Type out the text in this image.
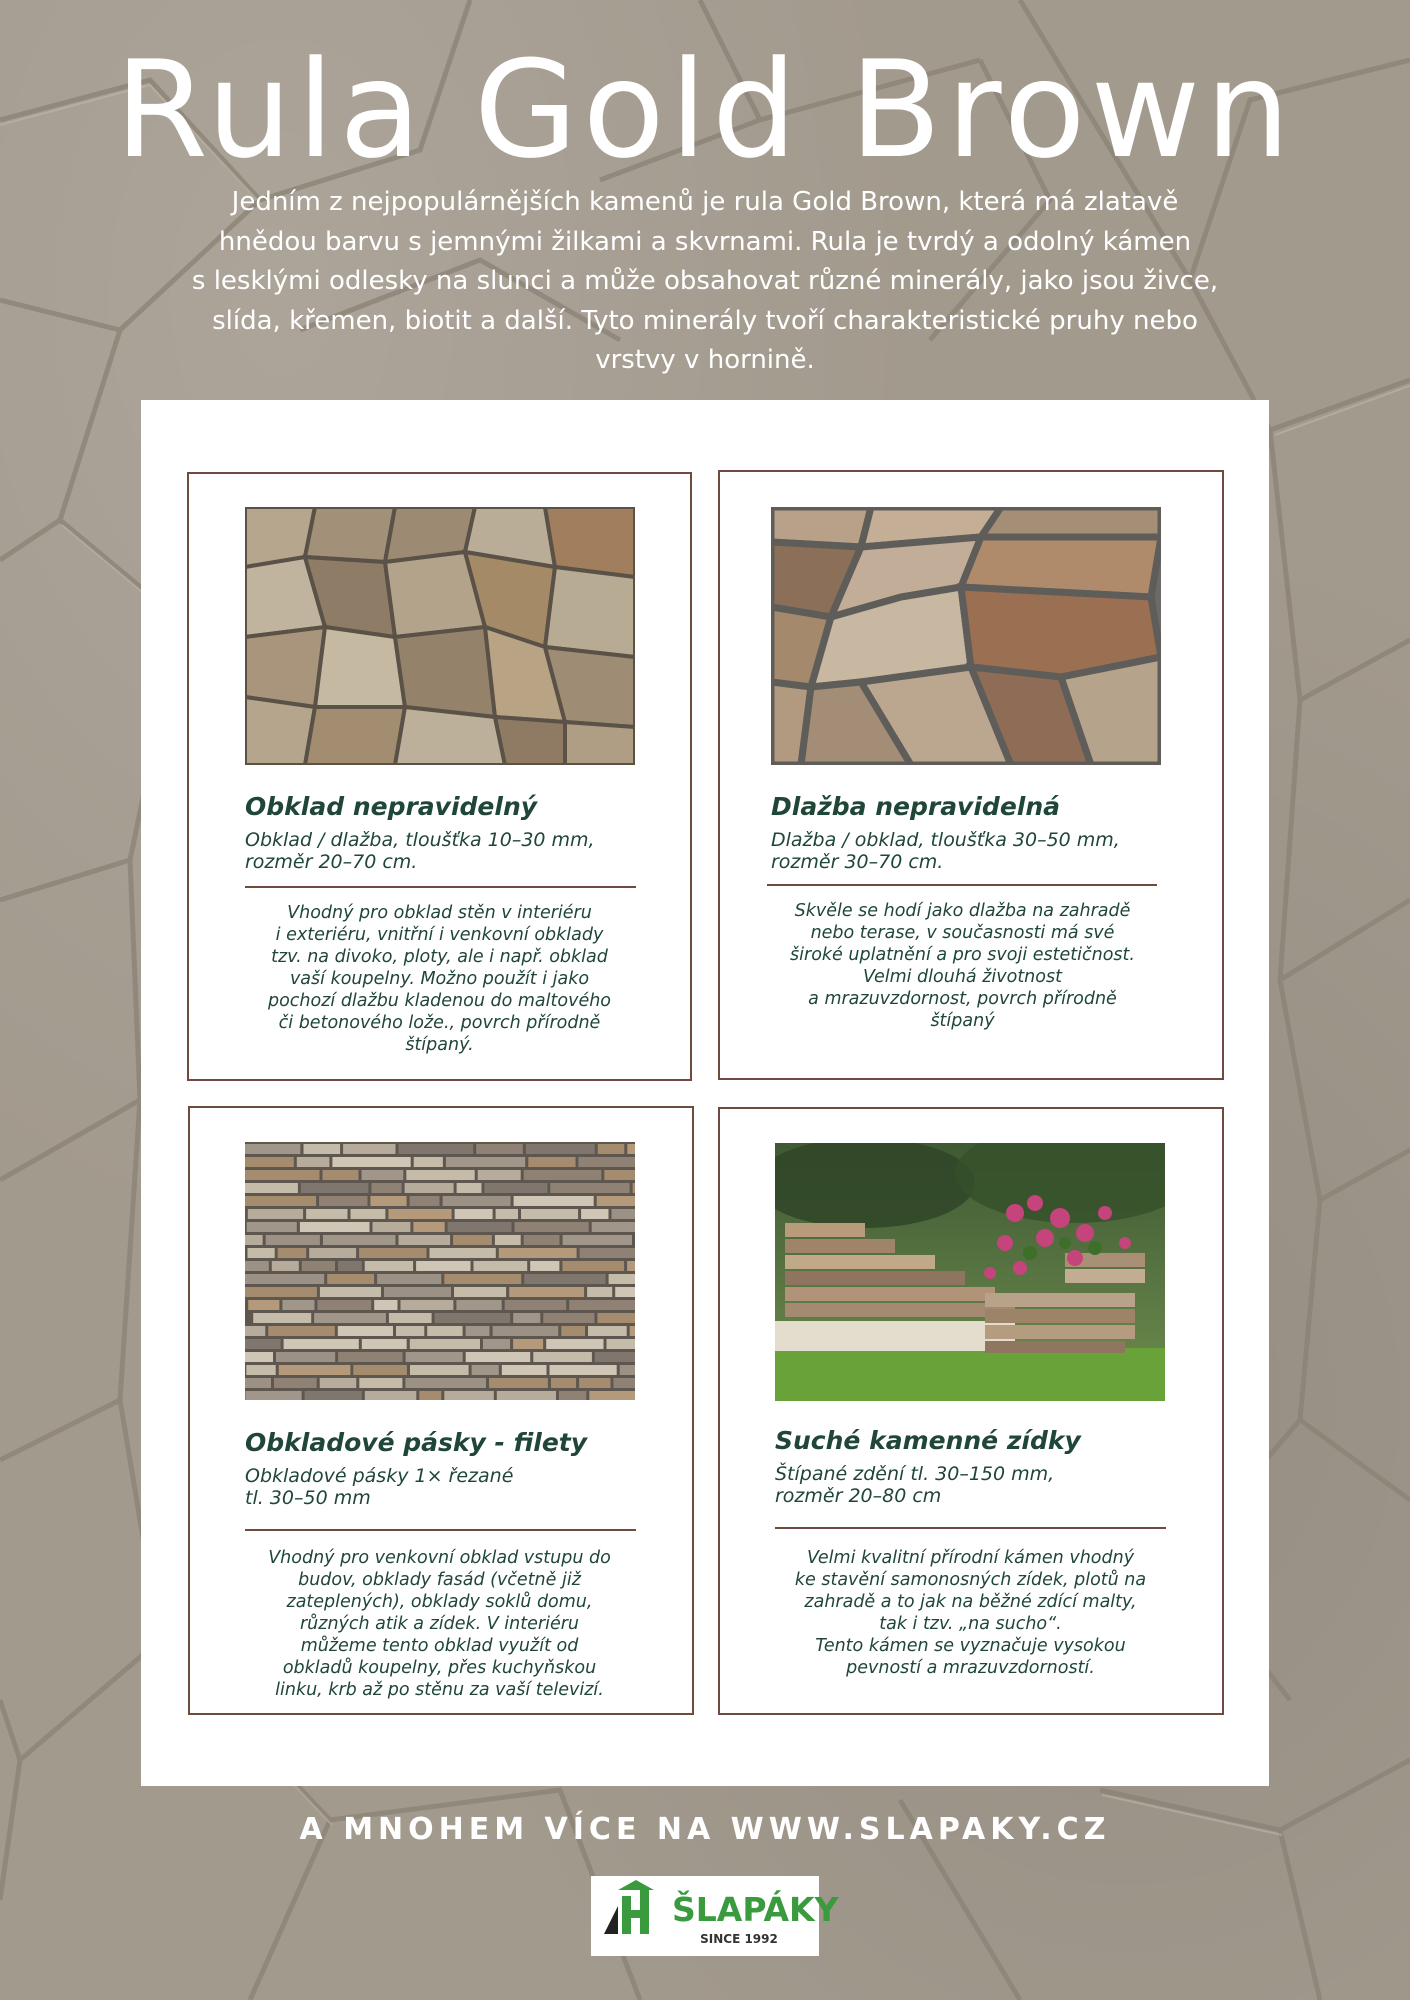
Rula Gold Brown
Jedním z nejpopulárnějších kamenů je rula Gold Brown, která má zlatavě
hnědou barvu s jemnými žilkami a skvrnami. Rula je tvrdý a odolný kámen
s lesklými odlesky na slunci a může obsahovat různé minerály, jako jsou živce,
slída, křemen, biotit a další. Tyto minerály tvoří charakteristické pruhy nebo
vrstvy v hornině.
Obklad nepravidelný
Obklad / dlažba, tloušťka 10–30 mm,
rozměr 20–70 cm.
Vhodný pro obklad stěn v interiéru
i exteriéru, vnitřní i venkovní obklady
tzv. na divoko, ploty, ale i např. obklad
vaší koupelny. Možno použít i jako
pochozí dlažbu kladenou do maltového
či betonového lože., povrch přírodně
štípaný.
Dlažba nepravidelná
Dlažba / obklad, tloušťka 30–50 mm,
rozměr 30–70 cm.
Skvěle se hodí jako dlažba na zahradě
nebo terase, v současnosti má své
široké uplatnění a pro svoji estetičnost.
Velmi dlouhá životnost
a mrazuvzdornost, povrch přírodně
štípaný
Obkladové pásky - filety
Obkladové pásky 1× řezané
tl. 30–50 mm
Vhodný pro venkovní obklad vstupu do
budov, obklady fasád (včetně již
zateplených), obklady soklů domu,
různých atik a zídek. V interiéru
můžeme tento obklad využít od
obkladů koupelny, přes kuchyňskou
linku, krb až po stěnu za vaší televizí.
Suché kamenné zídky
Štípané zdění tl. 30–150 mm,
rozměr 20–80 cm
Velmi kvalitní přírodní kámen vhodný
ke stavění samonosných zídek, plotů na
zahradě a to jak na běžné zdící malty,
tak i tzv. „na sucho“.
Tento kámen se vyznačuje vysokou
pevností a mrazuvzdorností.
A MNOHEM VÍCE NA WWW.SLAPAKY.CZ
ŠLAPÁKY
SINCE 1992
